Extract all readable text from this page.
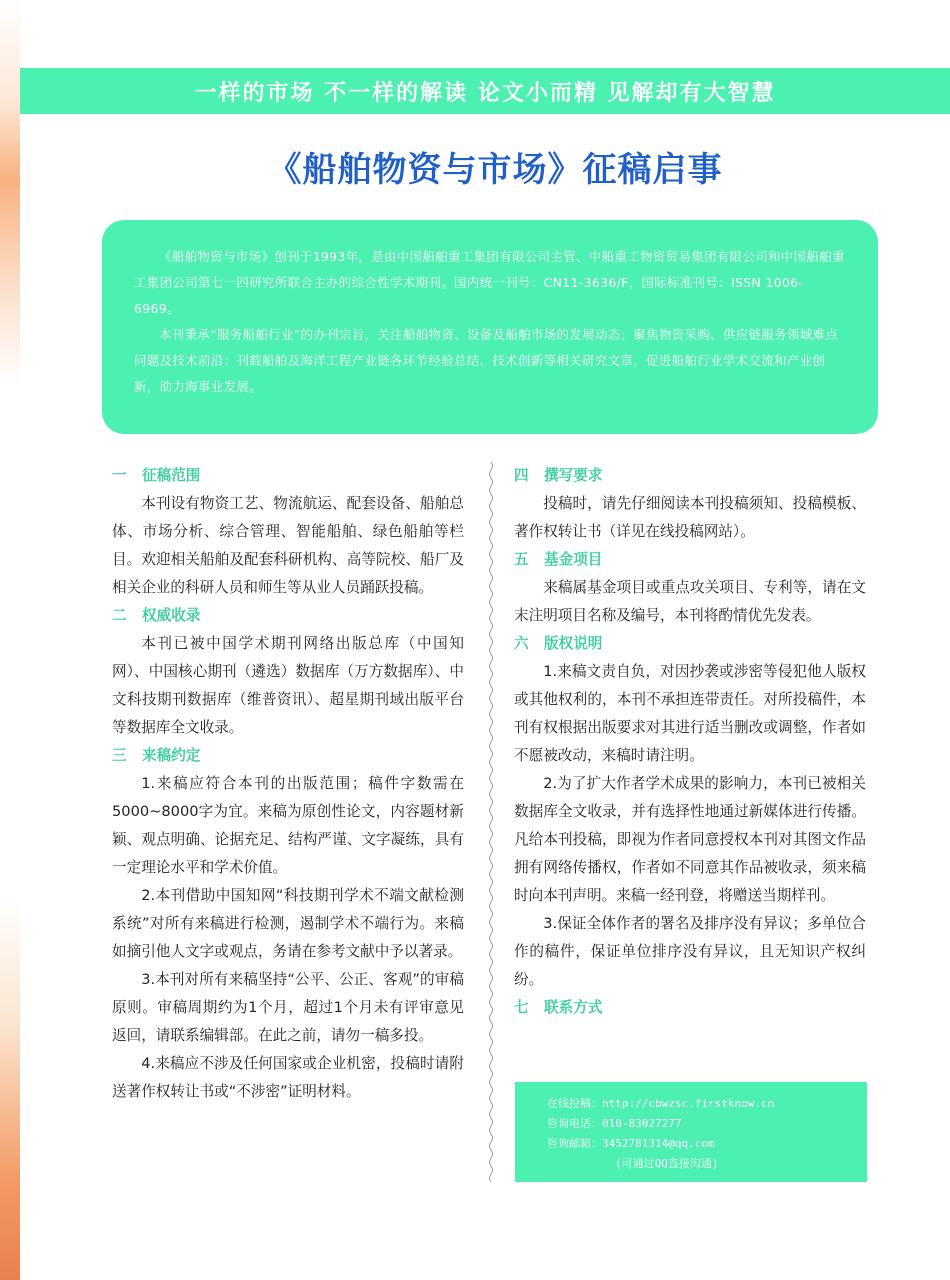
一样的市场 不一样的解读 论文小而精 见解却有大智慧
《船舶物资与市场》征稿启事

《船舶物资与市场》创刊于1993年，是由中国船舶重工集团有限公司主管、中船重工物资贸易集团有限公司和中国船舶重工集团公司第七一四研究所联合主办的综合性学术期刊。国内统一刊号：CN11-3636/F，国际标准刊号：ISSN 1006-6969。

本刊秉承“服务船舶行业”的办刊宗旨，关注船舶物资、设备及船舶市场的发展动态；聚焦物资采购、供应链服务领域难点问题及技术前沿；刊载船舶及海洋工程产业链各环节经验总结、技术创新等相关研究文章，促进船舶行业学术交流和产业创新，助力海事业发展。

一 征稿范围

本刊设有物资工艺、物流航运、配套设备、船舶总体、市场分析、综合管理、智能船舶、绿色船舶等栏目。欢迎相关船舶及配套科研机构、高等院校、船厂及相关企业的科研人员和师生等从业人员踊跃投稿。

二 权威收录

本刊已被中国学术期刊网络出版总库（中国知网）、中国核心期刊（遴选）数据库（万方数据库）、中文科技期刊数据库（维普资讯）、超星期刊域出版平台等数据库全文收录。

三 来稿约定

1.来稿应符合本刊的出版范围；稿件字数需在5000~8000字为宜。来稿为原创性论文，内容题材新颖、观点明确、论据充足、结构严谨、文字凝练，具有一定理论水平和学术价值。

2.本刊借助中国知网“科技期刊学术不端文献检测系统”对所有来稿进行检测，遏制学术不端行为。来稿如摘引他人文字或观点，务请在参考文献中予以著录。

3.本刊对所有来稿坚持“公平、公正、客观”的审稿原则。审稿周期约为1个月，超过1个月未有评审意见返回，请联系编辑部。在此之前，请勿一稿多投。

4.来稿应不涉及任何国家或企业机密，投稿时请附送著作权转让书或“不涉密”证明材料。

四 撰写要求

投稿时，请先仔细阅读本刊投稿须知、投稿模板、著作权转让书（详见在线投稿网站）。

五 基金项目

来稿属基金项目或重点攻关项目、专利等，请在文末注明项目名称及编号，本刊将酌情优先发表。

六 版权说明

1.来稿文责自负，对因抄袭或涉密等侵犯他人版权或其他权利的，本刊不承担连带责任。对所投稿件，本刊有权根据出版要求对其进行适当删改或调整，作者如不愿被改动，来稿时请注明。

2.为了扩大作者学术成果的影响力，本刊已被相关数据库全文收录，并有选择性地通过新媒体进行传播。凡给本刊投稿，即视为作者同意授权本刊对其图文作品拥有网络传播权，作者如不同意其作品被收录，须来稿时向本刊声明。来稿一经刊登，将赠送当期样刊。

3.保证全体作者的署名及排序没有异议；多单位合作的稿件，保证单位排序没有异议，且无知识产权纠纷。

七 联系方式
在线投稿：http://cbwzsc.firstknow.cn
咨询电话：010-83027277
咨询邮箱：3452781314@qq.com
(可通过QQ直接沟通)
